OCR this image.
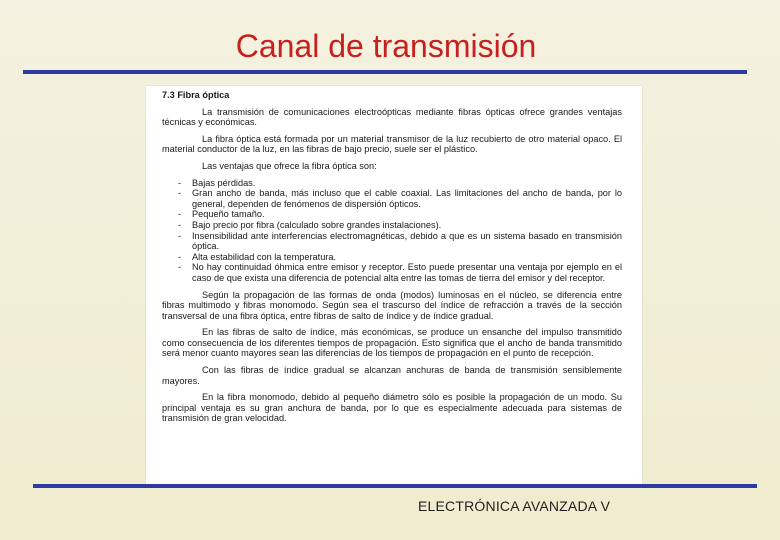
Canal de transmisión
7.3 Fibra óptica
La transmisión de comunicaciones electroópticas mediante fibras ópticas ofrece grandes ventajas técnicas y económicas.
La fibra óptica está formada por un material transmisor de la luz recubierto de otro material opaco. El material conductor de la luz, en las fibras de bajo precio, suele ser el plástico.
Las ventajas que ofrece la fibra óptica son:
- Bajas pérdidas.
- Gran ancho de banda, más incluso que el cable coaxial. Las limitaciones del ancho de banda, por lo general, dependen de fenómenos de dispersión ópticos.
- Pequeño tamaño.
- Bajo precio por fibra (calculado sobre grandes instalaciones).
- Insensibilidad ante interferencias electromagnéticas, debido a que es un sistema basado en transmisión óptica.
- Alta estabilidad con la temperatura.
- No hay continuidad óhmica entre emisor y receptor. Esto puede presentar una ventaja por ejemplo en el caso de que exista una diferencia de potencial alta entre las tomas de tierra del emisor y del receptor.
Según la propagación de las formas de onda (modos) luminosas en el núcleo, se diferencia entre fibras multimodo y fibras monomodo. Según sea el trascurso del índice de refracción a través de la sección transversal de una fibra óptica, entre fibras de salto de índice y de índice gradual.
En las fibras de salto de índice, más económicas, se produce un ensanche del impulso transmitido como consecuencia de los diferentes tiempos de propagación. Esto significa que el ancho de banda transmitido será menor cuanto mayores sean las diferencias de los tiempos de propagación en el punto de recepción.
Con las fibras de índice gradual se alcanzan anchuras de banda de transmisión sensiblemente mayores.
En la fibra monomodo, debido al pequeño diámetro sólo es posible la propagación de un modo. Su principal ventaja es su gran anchura de banda, por lo que es especialmente adecuada para sistemas de transmisión de gran velocidad.
ELECTRÓNICA AVANZADA V
